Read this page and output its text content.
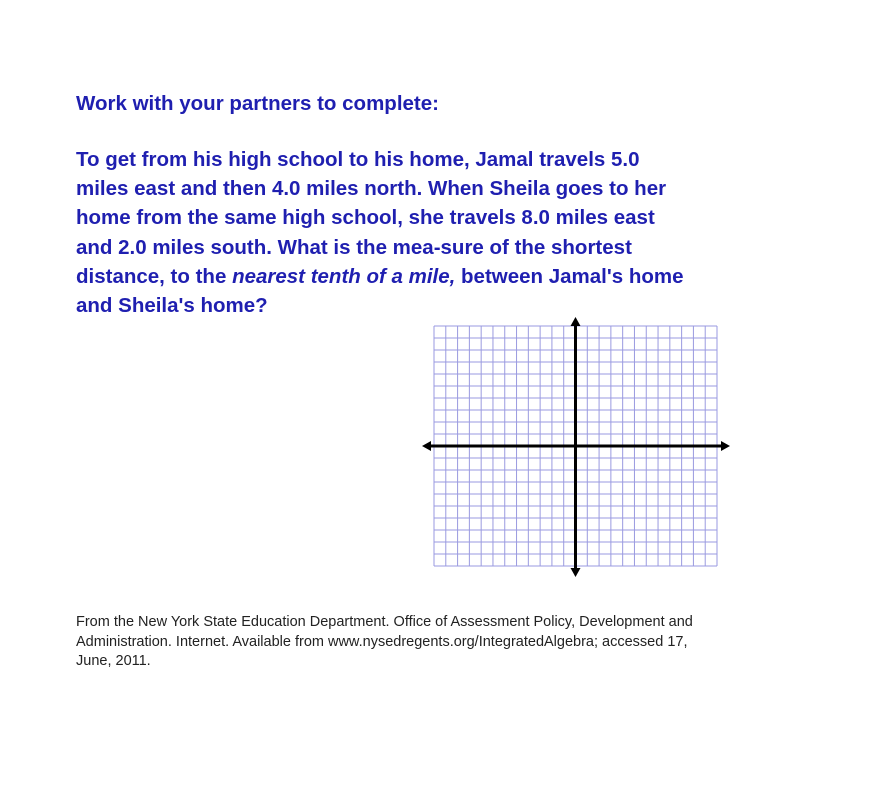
Work with your partners to complete:

To get from his high school to his home, Jamal travels 5.0
miles east and then 4.0 miles north. When Sheila goes to her
home from the same high school, she travels 8.0 miles east
and 2.0 miles south. What is the mea-sure of the shortest
distance, to the nearest tenth of a mile, between Jamal's home
and Sheila's home?

From the New York State Education Department. Office of Assessment Policy, Development and
Administration. Internet. Available from www.nysedregents.org/IntegratedAlgebra; accessed 17,
June, 2011.
